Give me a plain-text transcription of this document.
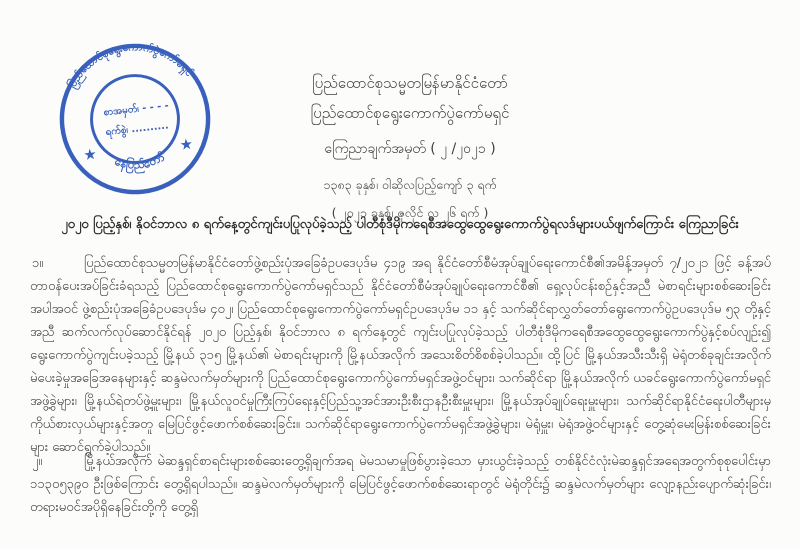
ပြည်ထောင်စုရွေးကောက်ပွဲကော်မရှင်
နေပြည်တော်
★
★
စာအမှတ်၊ - - - -
ရက်စွဲ၊ ..........
ပြည်ထောင်စုသမ္မတမြန်မာနိုင်ငံတော်
ပြည်ထောင်စုရွေးကောက်ပွဲကော်မရှင်
ကြေညာချက်အမှတ် ( ၂ /၂၀၂၁ )
၁၃၈၃ ခုနှစ်၊ ဝါဆိုလပြည့်ကျော် ၃ ရက်
( ၂၀၂၁ ခုနှစ်၊ ဇူလိုင် လ ၂၆ ရက် )
၂၀၂၀ ပြည့်နှစ်၊ နိုဝင်ဘာလ ၈ ရက်နေ့တွင်ကျင်းပပြုလုပ်ခဲ့သည့် ပါတီစုံဒီမိုကရေစီအထွေထွေရွေးကောက်ပွဲရလဒ်များပယ်ဖျက်ကြောင်း ကြေညာခြင်း
၁။	ပြည်ထောင်စုသမ္မတမြန်မာနိုင်ငံတော်ဖွဲ့စည်းပုံအခြေခံဥပဒေပုဒ်မ ၄၁၉ အရ နိုင်ငံတော်စီမံအုပ်ချုပ်ရေးကောင်စီ၏အမိန့်အမှတ် ၇/၂၀၂၁ ဖြင့် ခန့်အပ်တာဝန်ပေးအပ်ခြင်းခံရသည့် ပြည်ထောင်စုရွေးကောက်ပွဲကော်မရှင်သည် နိုင်ငံတော်စီမံအုပ်ချုပ်ရေးကောင်စီ၏ ရှေ့လုပ်ငန်းစဉ်နှင့်အညီ မဲစာရင်းများစစ်ဆေးခြင်းအပါအဝင် ဖွဲ့စည်းပုံအခြေခံဥပဒေပုဒ်မ ၄၀၂၊ ပြည်ထောင်စုရွေးကောက်ပွဲကော်မရှင်ဥပဒေပုဒ်မ ၁၁ နှင့် သက်ဆိုင်ရာလွှတ်တော်ရွေးကောက်ပွဲဥပဒေပုဒ်မ ၅၃ တို့နှင့်အညီ ဆက်လက်လုပ်ဆောင်နိုင်ရန် ၂၀၂၀ ပြည့်နှစ်၊ နိုဝင်ဘာလ ၈ ရက်နေ့တွင် ကျင်းပပြုလုပ်ခဲ့သည့် ပါတီစုံဒီမိုကရေစီအထွေထွေရွေးကောက်ပွဲနှင့်စပ်လျဉ်း၍ ရွေးကောက်ပွဲကျင်းပခဲ့သည့် မြို့နယ် ၃၁၅ မြို့နယ်၏ မဲစာရင်းများကို မြို့နယ်အလိုက် အသေးစိတ်စိစစ်ခဲ့ပါသည်။ ထို့ပြင် မြို့နယ်အသီးသီးရှိ မဲရုံတစ်ခုချင်းအလိုက် မဲပေးခဲ့မှုအခြေအနေများနှင့် ဆန္ဒမဲလက်မှတ်များကို ပြည်ထောင်စုရွေးကောက်ပွဲကော်မရှင်အဖွဲ့ဝင်များ၊ သက်ဆိုင်ရာ မြို့နယ်အလိုက် ယခင်ရွေးကောက်ပွဲကော်မရှင်အဖွဲ့ခွဲများ၊ မြို့နယ်ရဲတပ်ဖွဲ့မှူးများ၊ မြို့နယ်လူဝင်မှုကြီးကြပ်ရေးနှင့်ပြည်သူ့အင်အားဦးစီးဌာနဦးစီးမှူးများ၊ မြို့နယ်အုပ်ချုပ်ရေးမှူးများ၊ သက်ဆိုင်ရာနိုင်ငံရေးပါတီများမှကိုယ်စားလှယ်များနှင့်အတူ မြေပြင်ဖွင့်ဖောက်စစ်ဆေးခြင်း။ သက်ဆိုင်ရာရွေးကောက်ပွဲကော်မရှင်အဖွဲ့ခွဲများ၊ မဲရုံမှူး၊ မဲရုံအဖွဲ့ဝင်များနှင့် တွေ့ဆုံမေးမြန်းစစ်ဆေးခြင်းများ ဆောင်ရွက်ခဲ့ပါသည်။
၂။	မြို့နယ်အလိုက် မဲဆန္ဒရှင်စာရင်းများစစ်ဆေးတွေ့ရှိချက်အရ မဲမသမာမှုဖြစ်ပွားခဲ့သော မှားယွင်းခဲ့သည့် တစ်နိုင်ငံလုံးမဲဆန္ဒရှင်အရေအတွက်စုစုပေါင်းမှာ ၁၁၃၀၅၃၉၀ ဦးဖြစ်ကြောင်း တွေ့ရှိရပါသည်။ ဆန္ဒမဲလက်မှတ်များကို မြေပြင်ဖွင့်ဖောက်စစ်ဆေးရာတွင် မဲရုံတိုင်း၌ ဆန္ဒမဲလက်မှတ်များ လျော့နည်းပျောက်ဆုံးခြင်း၊ တရားမဝင်အပိုရှိနေခြင်းတို့ကို တွေ့ရှိ
